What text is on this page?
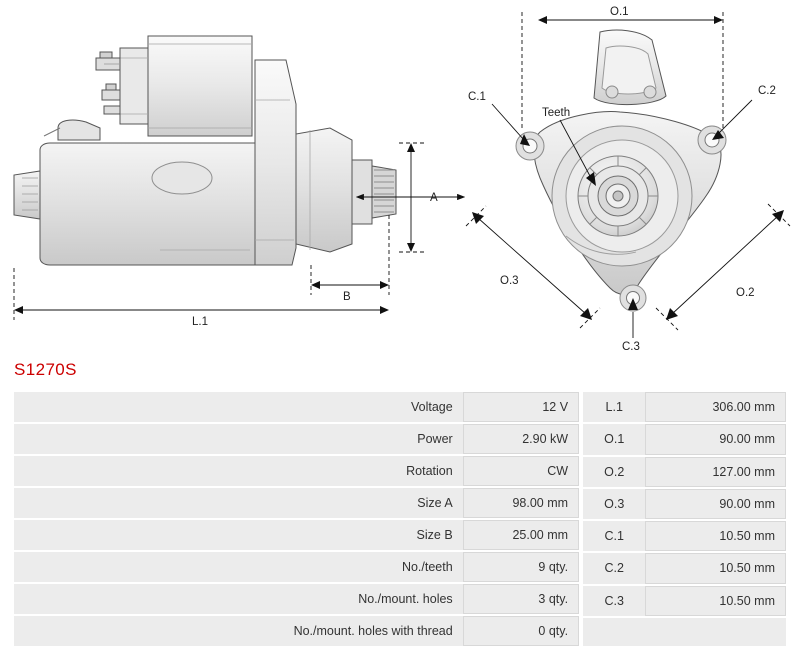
A
B
L.1
O.1
O.3
O.2
C.1	C.2
C.3
Teeth
S1270S
Voltage	12 V
Power	2.90 kW
Rotation	CW
Size A	98.00 mm
Size B	25.00 mm
No./teeth	9 qty.
No./mount. holes	3 qty.
No./mount. holes with thread	0 qty.
L.1	306.00 mm
O.1	90.00 mm
O.2	127.00 mm
O.3	90.00 mm
C.1	10.50 mm
C.2	10.50 mm
C.3	10.50 mm
